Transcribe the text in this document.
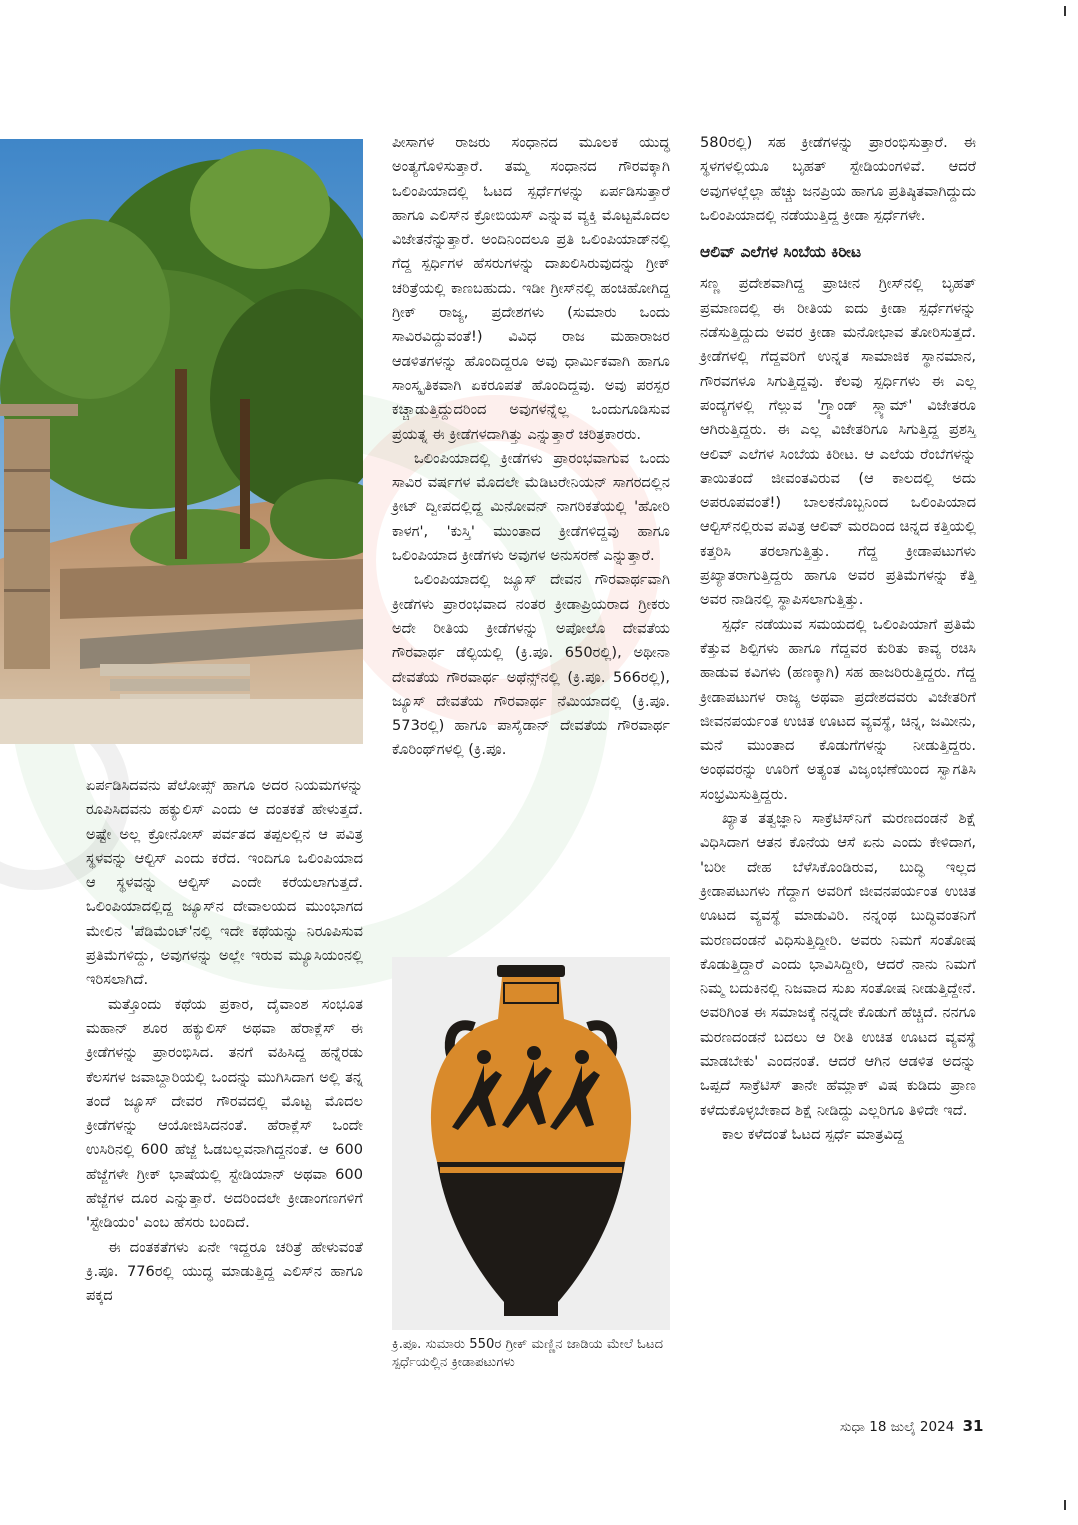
ಏರ್ಪಡಿಸಿದವನು ಪೆಲೋಪ್ಸ್ ಹಾಗೂ ಅದರ ನಿಯಮಗಳನ್ನು ರೂಪಿಸಿದವನು ಹಕ್ಯುಲಿಸ್ ಎಂದು ಆ ದಂತಕತೆ ಹೇಳುತ್ತದೆ. ಅಷ್ಟೇ ಅಲ್ಲ ಕ್ರೋನೋಸ್ ಪರ್ವತದ ತಪ್ಪಲಲ್ಲಿನ ಆ ಪವಿತ್ರ ಸ್ಥಳವನ್ನು ಆಲ್ಟಿಸ್ ಎಂದು ಕರೆದ. ಇಂದಿಗೂ ಒಲಿಂಪಿಯಾದ ಆ ಸ್ಥಳವನ್ನು ಆಲ್ಟಿಸ್ ಎಂದೇ ಕರೆಯಲಾಗುತ್ತದೆ. ಒಲಿಂಪಿಯಾದಲ್ಲಿದ್ದ ಜ್ಯೂಸ್‌ನ ದೇವಾಲಯದ ಮುಂಭಾಗದ ಮೇಲಿನ 'ಪೆಡಿಮೆಂಟ್'ನಲ್ಲಿ ಇದೇ ಕಥೆಯನ್ನು ನಿರೂಪಿಸುವ ಪ್ರತಿಮೆಗಳಿದ್ದು, ಅವುಗಳನ್ನು ಅಲ್ಲೇ ಇರುವ ಮ್ಯೂಸಿಯಂನಲ್ಲಿ ಇರಿಸಲಾಗಿದೆ.

ಮತ್ತೊಂದು ಕಥೆಯ ಪ್ರಕಾರ, ದೈವಾಂಶ ಸಂಭೂತ ಮಹಾನ್ ಶೂರ ಹಕ್ಯುಲಿಸ್ ಅಥವಾ ಹೆರಾಕ್ಲೆಸ್ ಈ ಕ್ರೀಡೆಗಳನ್ನು ಪ್ರಾರಂಭಿಸಿದ. ತನಗೆ ವಹಿಸಿದ್ದ ಹನ್ನೆರಡು ಕೆಲಸಗಳ ಜವಾಬ್ದಾರಿಯಲ್ಲಿ ಒಂದನ್ನು ಮುಗಿಸಿದಾಗ ಅಲ್ಲಿ ತನ್ನ ತಂದೆ ಜ್ಯೂಸ್ ದೇವರ ಗೌರವದಲ್ಲಿ ಮೊಟ್ಟ ಮೊದಲ ಕ್ರೀಡೆಗಳನ್ನು ಆಯೋಜಿಸಿದನಂತೆ. ಹೆರಾಕ್ಲೆಸ್ ಒಂದೇ ಉಸಿರಿನಲ್ಲಿ 600 ಹೆಜ್ಜೆ ಓಡಬಲ್ಲವನಾಗಿದ್ದನಂತೆ. ಆ 600 ಹೆಜ್ಜೆಗಳೇ ಗ್ರೀಕ್ ಭಾಷೆಯಲ್ಲಿ ಸ್ಟೇಡಿಯಾನ್ ಅಥವಾ 600 ಹೆಜ್ಜೆಗಳ ದೂರ ಎನ್ನುತ್ತಾರೆ. ಅದರಿಂದಲೇ ಕ್ರೀಡಾಂಗಣಗಳಿಗೆ 'ಸ್ಟೇಡಿಯಂ' ಎಂಬ ಹೆಸರು ಬಂದಿದೆ.

ಈ ದಂತಕತೆಗಳು ಏನೇ ಇದ್ದರೂ ಚರಿತ್ರೆ ಹೇಳುವಂತೆ ಕ್ರಿ.ಪೂ. 776ರಲ್ಲಿ ಯುದ್ಧ ಮಾಡುತ್ತಿದ್ದ ಎಲಿಸ್‌ನ ಹಾಗೂ ಪಕ್ಕದ

ಪೀಸಾಗಳ ರಾಜರು ಸಂಧಾನದ ಮೂಲಕ ಯುದ್ಧ ಅಂತ್ಯಗೊಳಿಸುತ್ತಾರೆ. ತಮ್ಮ ಸಂಧಾನದ ಗೌರವಕ್ಕಾಗಿ ಒಲಿಂಪಿಯಾದಲ್ಲಿ ಓಟದ ಸ್ಪರ್ಧೆಗಳನ್ನು ಏರ್ಪಡಿಸುತ್ತಾರೆ ಹಾಗೂ ಎಲಿಸ್‌ನ ಕ್ರೋಬಿಯಸ್ ಎನ್ನುವ ವ್ಯಕ್ತಿ ಮೊಟ್ಟಮೊದಲ ವಿಜೇತನೆನ್ನುತ್ತಾರೆ. ಅಂದಿನಿಂದಲೂ ಪ್ರತಿ ಒಲಿಂಪಿಯಾಡ್‌ನಲ್ಲಿ ಗೆದ್ದ ಸ್ಪರ್ಧಿಗಳ ಹೆಸರುಗಳನ್ನು ದಾಖಲಿಸಿರುವುದನ್ನು ಗ್ರೀಕ್ ಚರಿತ್ರೆಯಲ್ಲಿ ಕಾಣಬಹುದು. ಇಡೀ ಗ್ರೀಸ್‌ನಲ್ಲಿ ಹಂಚಿಹೋಗಿದ್ದ ಗ್ರೀಕ್ ರಾಜ್ಯ, ಪ್ರದೇಶಗಳು (ಸುಮಾರು ಒಂದು ಸಾವಿರವಿದ್ದುವಂತೆ!) ವಿವಿಧ ರಾಜ ಮಹಾರಾಜರ ಆಡಳಿತಗಳನ್ನು ಹೊಂದಿದ್ದರೂ ಅವು ಧಾರ್ಮಿಕವಾಗಿ ಹಾಗೂ ಸಾಂಸ್ಕೃತಿಕವಾಗಿ ಏಕರೂಪತೆ ಹೊಂದಿದ್ದವು. ಅವು ಪರಸ್ಪರ ಕಚ್ಚಾಡುತ್ತಿದ್ದುದರಿಂದ ಅವುಗಳನ್ನೆಲ್ಲ ಒಂದುಗೂಡಿಸುವ ಪ್ರಯತ್ನ ಈ ಕ್ರೀಡೆಗಳದಾಗಿತ್ತು ಎನ್ನುತ್ತಾರೆ ಚರಿತ್ರಕಾರರು.

ಒಲಿಂಪಿಯಾದಲ್ಲಿ ಕ್ರೀಡೆಗಳು ಪ್ರಾರಂಭವಾಗುವ ಒಂದು ಸಾವಿರ ವರ್ಷಗಳ ಮೊದಲೇ ಮೆಡಿಟರೇನಿಯನ್ ಸಾಗರದಲ್ಲಿನ ಕ್ರೀಟ್ ದ್ವೀಪದಲ್ಲಿದ್ದ ಮಿನೋವನ್ ನಾಗರಿಕತೆಯಲ್ಲಿ 'ಹೋರಿ ಕಾಳಗ', 'ಕುಸ್ತಿ' ಮುಂತಾದ ಕ್ರೀಡೆಗಳಿದ್ದವು ಹಾಗೂ ಒಲಿಂಪಿಯಾದ ಕ್ರೀಡೆಗಳು ಅವುಗಳ ಅನುಸರಣೆ ಎನ್ನುತ್ತಾರೆ.

ಒಲಿಂಪಿಯಾದಲ್ಲಿ ಜ್ಯೂಸ್ ದೇವನ ಗೌರವಾರ್ಥವಾಗಿ ಕ್ರೀಡೆಗಳು ಪ್ರಾರಂಭವಾದ ನಂತರ ಕ್ರೀಡಾಪ್ರಿಯರಾದ ಗ್ರೀಕರು ಅದೇ ರೀತಿಯ ಕ್ರೀಡೆಗಳನ್ನು ಅಪೋಲೊ ದೇವತೆಯ ಗೌರವಾರ್ಥ ಡೆಲ್ಫಿಯಲ್ಲಿ (ಕ್ರಿ.ಪೂ. 650ರಲ್ಲಿ), ಅಥೀನಾ ದೇವತೆಯ ಗೌರವಾರ್ಥ ಅಥೆನ್ಸ್‌ನಲ್ಲಿ (ಕ್ರಿ.ಪೂ. 566ರಲ್ಲಿ), ಜ್ಯೂಸ್ ದೇವತೆಯ ಗೌರವಾರ್ಥ ನೆಮಿಯಾದಲ್ಲಿ (ಕ್ರಿ.ಪೂ. 573ರಲ್ಲಿ) ಹಾಗೂ ಪಾಸೈಡಾನ್ ದೇವತೆಯ ಗೌರವಾರ್ಥ ಕೊರಿಂಥ್‌ಗಳಲ್ಲಿ (ಕ್ರಿ.ಪೂ.

ಕ್ರಿ.ಪೂ. ಸುಮಾರು 550ರ ಗ್ರೀಕ್ ಮಣ್ಣಿನ ಜಾಡಿಯ ಮೇಲೆ ಓಟದ ಸ್ಪರ್ಧೆಯಲ್ಲಿನ ಕ್ರೀಡಾಪಟುಗಳು

580ರಲ್ಲಿ) ಸಹ ಕ್ರೀಡೆಗಳನ್ನು ಪ್ರಾರಂಭಿಸುತ್ತಾರೆ. ಈ ಸ್ಥಳಗಳಲ್ಲಿಯೂ ಬೃಹತ್ ಸ್ಟೇಡಿಯಂಗಳಿವೆ. ಆದರೆ ಅವುಗಳಲ್ಲೆಲ್ಲಾ ಹೆಚ್ಚು ಜನಪ್ರಿಯ ಹಾಗೂ ಪ್ರತಿಷ್ಠಿತವಾಗಿದ್ದುದು ಒಲಿಂಪಿಯಾದಲ್ಲಿ ನಡೆಯುತ್ತಿದ್ದ ಕ್ರೀಡಾ ಸ್ಪರ್ಧೆಗಳೇ.

ಆಲಿವ್ ಎಲೆಗಳ ಸಿಂಬೆಯ ಕಿರೀಟ

ಸಣ್ಣ ಪ್ರದೇಶವಾಗಿದ್ದ ಪ್ರಾಚೀನ ಗ್ರೀಸ್‌ನಲ್ಲಿ ಬೃಹತ್ ಪ್ರಮಾಣದಲ್ಲಿ ಈ ರೀತಿಯ ಐದು ಕ್ರೀಡಾ ಸ್ಪರ್ಧೆಗಳನ್ನು ನಡೆಸುತ್ತಿದ್ದುದು ಅವರ ಕ್ರೀಡಾ ಮನೋಭಾವ ತೋರಿಸುತ್ತದೆ. ಕ್ರೀಡೆಗಳಲ್ಲಿ ಗೆದ್ದವರಿಗೆ ಉನ್ನತ ಸಾಮಾಜಿಕ ಸ್ಥಾನಮಾನ, ಗೌರವಗಳೂ ಸಿಗುತ್ತಿದ್ದವು. ಕೆಲವು ಸ್ಪರ್ಧಿಗಳು ಈ ಎಲ್ಲ ಪಂದ್ಯಗಳಲ್ಲಿ ಗೆಲ್ಲುವ 'ಗ್ರ್ಯಾಂಡ್ ಸ್ಲ್ಯಾಮ್' ವಿಜೇತರೂ ಆಗಿರುತ್ತಿದ್ದರು. ಈ ಎಲ್ಲ ವಿಜೇತರಿಗೂ ಸಿಗುತ್ತಿದ್ದ ಪ್ರಶಸ್ತಿ ಆಲಿವ್ ಎಲೆಗಳ ಸಿಂಬೆಯ ಕಿರೀಟ. ಆ ಎಲೆಯ ರೆಂಬೆಗಳನ್ನು ತಾಯಿತಂದೆ ಜೀವಂತವಿರುವ (ಆ ಕಾಲದಲ್ಲಿ ಅದು ಅಪರೂಪವಂತೆ!) ಬಾಲಕನೊಬ್ಬನಿಂದ ಒಲಿಂಪಿಯಾದ ಆಲ್ಟಿಸ್‌ನಲ್ಲಿರುವ ಪವಿತ್ರ ಆಲಿವ್ ಮರದಿಂದ ಚಿನ್ನದ ಕತ್ತಿಯಲ್ಲಿ ಕತ್ತರಿಸಿ ತರಲಾಗುತ್ತಿತ್ತು. ಗೆದ್ದ ಕ್ರೀಡಾಪಟುಗಳು ಪ್ರಖ್ಯಾತರಾಗುತ್ತಿದ್ದರು ಹಾಗೂ ಅವರ ಪ್ರತಿಮೆಗಳನ್ನು ಕೆತ್ತಿ ಅವರ ನಾಡಿನಲ್ಲಿ ಸ್ಥಾಪಿಸಲಾಗುತ್ತಿತ್ತು.

ಸ್ಪರ್ಧೆ ನಡೆಯುವ ಸಮಯದಲ್ಲಿ ಒಲಿಂಪಿಯಾಗೆ ಪ್ರತಿಮೆ ಕೆತ್ತುವ ಶಿಲ್ಪಿಗಳು ಹಾಗೂ ಗೆದ್ದವರ ಕುರಿತು ಕಾವ್ಯ ರಚಿಸಿ ಹಾಡುವ ಕವಿಗಳು (ಹಣಕ್ಕಾಗಿ) ಸಹ ಹಾಜರಿರುತ್ತಿದ್ದರು. ಗೆದ್ದ ಕ್ರೀಡಾಪಟುಗಳ ರಾಜ್ಯ ಅಥವಾ ಪ್ರದೇಶದವರು ವಿಜೇತರಿಗೆ ಜೀವನಪರ್ಯಂತ ಉಚಿತ ಊಟದ ವ್ಯವಸ್ಥೆ, ಚಿನ್ನ, ಜಮೀನು, ಮನೆ ಮುಂತಾದ ಕೊಡುಗೆಗಳನ್ನು ನೀಡುತ್ತಿದ್ದರು. ಅಂಥವರನ್ನು ಊರಿಗೆ ಅತ್ಯಂತ ವಿಜೃಂಭಣೆಯಿಂದ ಸ್ವಾಗತಿಸಿ ಸಂಭ್ರಮಿಸುತ್ತಿದ್ದರು.

ಖ್ಯಾತ ತತ್ವಜ್ಞಾನಿ ಸಾಕ್ರೆಟಿಸ್‌ನಿಗೆ ಮರಣದಂಡನೆ ಶಿಕ್ಷೆ ವಿಧಿಸಿದಾಗ ಆತನ ಕೊನೆಯ ಆಸೆ ಏನು ಎಂದು ಕೇಳಿದಾಗ, 'ಬರೀ ದೇಹ ಬೆಳೆಸಿಕೊಂಡಿರುವ, ಬುದ್ಧಿ ಇಲ್ಲದ ಕ್ರೀಡಾಪಟುಗಳು ಗೆದ್ದಾಗ ಅವರಿಗೆ ಜೀವನಪರ್ಯಂತ ಉಚಿತ ಊಟದ ವ್ಯವಸ್ಥೆ ಮಾಡುವಿರಿ. ನನ್ನಂಥ ಬುದ್ಧಿವಂತನಿಗೆ ಮರಣದಂಡನೆ ವಿಧಿಸುತ್ತಿದ್ದೀರಿ. ಅವರು ನಿಮಗೆ ಸಂತೋಷ ಕೊಡುತ್ತಿದ್ದಾರೆ ಎಂದು ಭಾವಿಸಿದ್ದೀರಿ, ಆದರೆ ನಾನು ನಿಮಗೆ ನಿಮ್ಮ ಬದುಕಿನಲ್ಲಿ ನಿಜವಾದ ಸುಖ ಸಂತೋಷ ನೀಡುತ್ತಿದ್ದೇನೆ. ಅವರಿಗಿಂತ ಈ ಸಮಾಜಕ್ಕೆ ನನ್ನದೇ ಕೊಡುಗೆ ಹೆಚ್ಚಿದೆ. ನನಗೂ ಮರಣದಂಡನೆ ಬದಲು ಆ ರೀತಿ ಉಚಿತ ಊಟದ ವ್ಯವಸ್ಥೆ ಮಾಡಬೇಕು' ಎಂದನಂತೆ. ಆದರೆ ಆಗಿನ ಆಡಳಿತ ಅದನ್ನು ಒಪ್ಪದೆ ಸಾಕ್ರೆಟಿಸ್ ತಾನೇ ಹೆಮ್ಲಾಕ್ ವಿಷ ಕುಡಿದು ಪ್ರಾಣ ಕಳೆದುಕೊಳ್ಳಬೇಕಾದ ಶಿಕ್ಷೆ ನೀಡಿದ್ದು ಎಲ್ಲರಿಗೂ ತಿಳಿದೇ ಇದೆ.

ಕಾಲ ಕಳೆದಂತೆ ಓಟದ ಸ್ಪರ್ಧೆ ಮಾತ್ರವಿದ್ದ

ಸುಧಾ 18 ಜುಲೈ 2024 31
